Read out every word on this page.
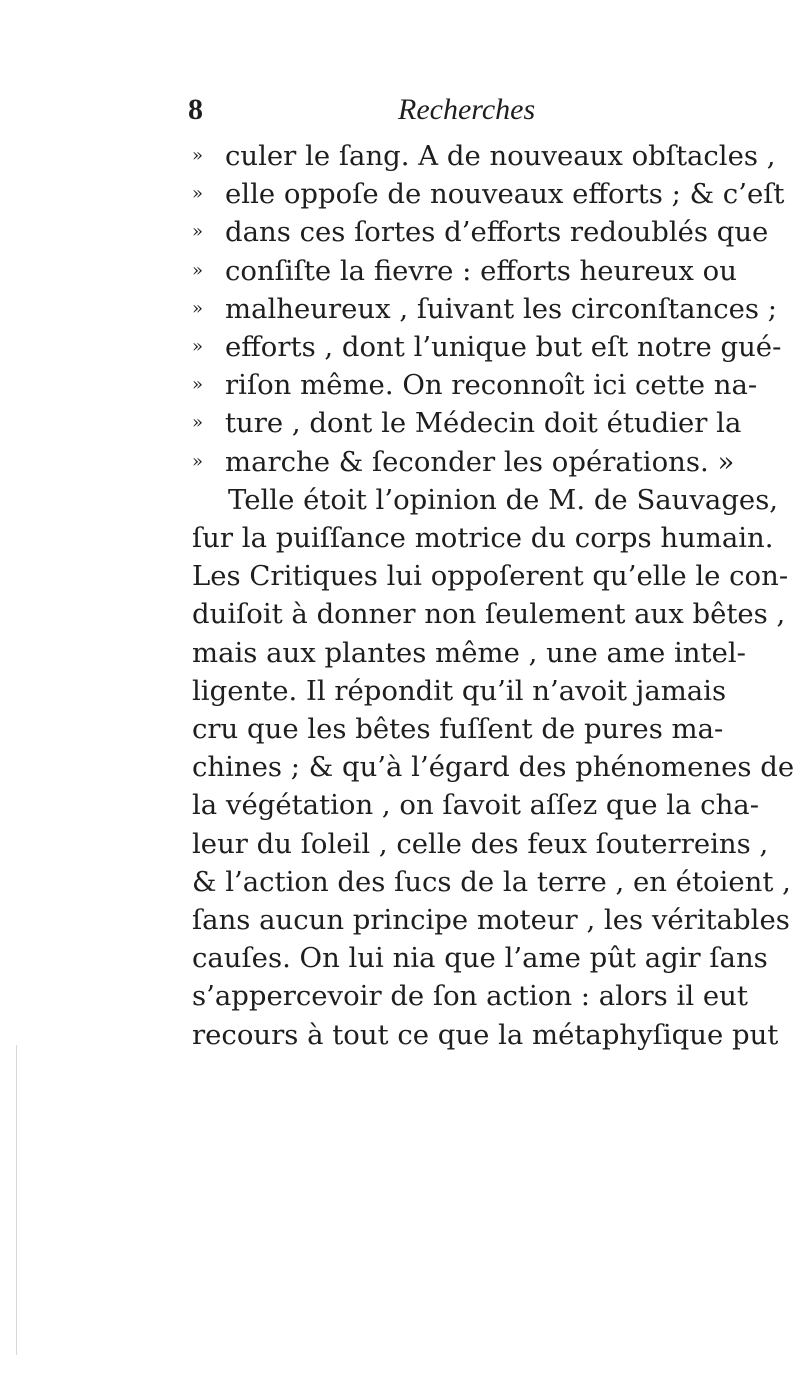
8	Recherches
» culer le ſang. A de nouveaux obſtacles ,
» elle oppoſe de nouveaux efforts ; & c’eſt
» dans ces ſortes d’efforts redoublés que
» conſiſte la fievre : efforts heureux ou
» malheureux , ſuivant les circonſtances ;
» efforts , dont l’unique but eſt notre gué-
» riſon même. On reconnoît ici cette na-
» ture , dont le Médecin doit étudier la
» marche & ſeconder les opérations. »
Telle étoit l’opinion de M. de Sauvages,
ſur la puiſſance motrice du corps humain.
Les Critiques lui oppoſerent qu’elle le con-
duiſoit à donner non ſeulement aux bêtes ,
mais aux plantes même , une ame intel-
ligente. Il répondit qu’il n’avoit jamais
cru que les bêtes fuſſent de pures ma-
chines ; & qu’à l’égard des phénomenes de
la végétation , on ſavoit aſſez que la cha-
leur du ſoleil , celle des feux ſouterreins ,
& l’action des ſucs de la terre , en étoient ,
ſans aucun principe moteur , les véritables
cauſes. On lui nia que l’ame pût agir ſans
s’appercevoir de ſon action : alors il eut
recours à tout ce que la métaphyſique put
